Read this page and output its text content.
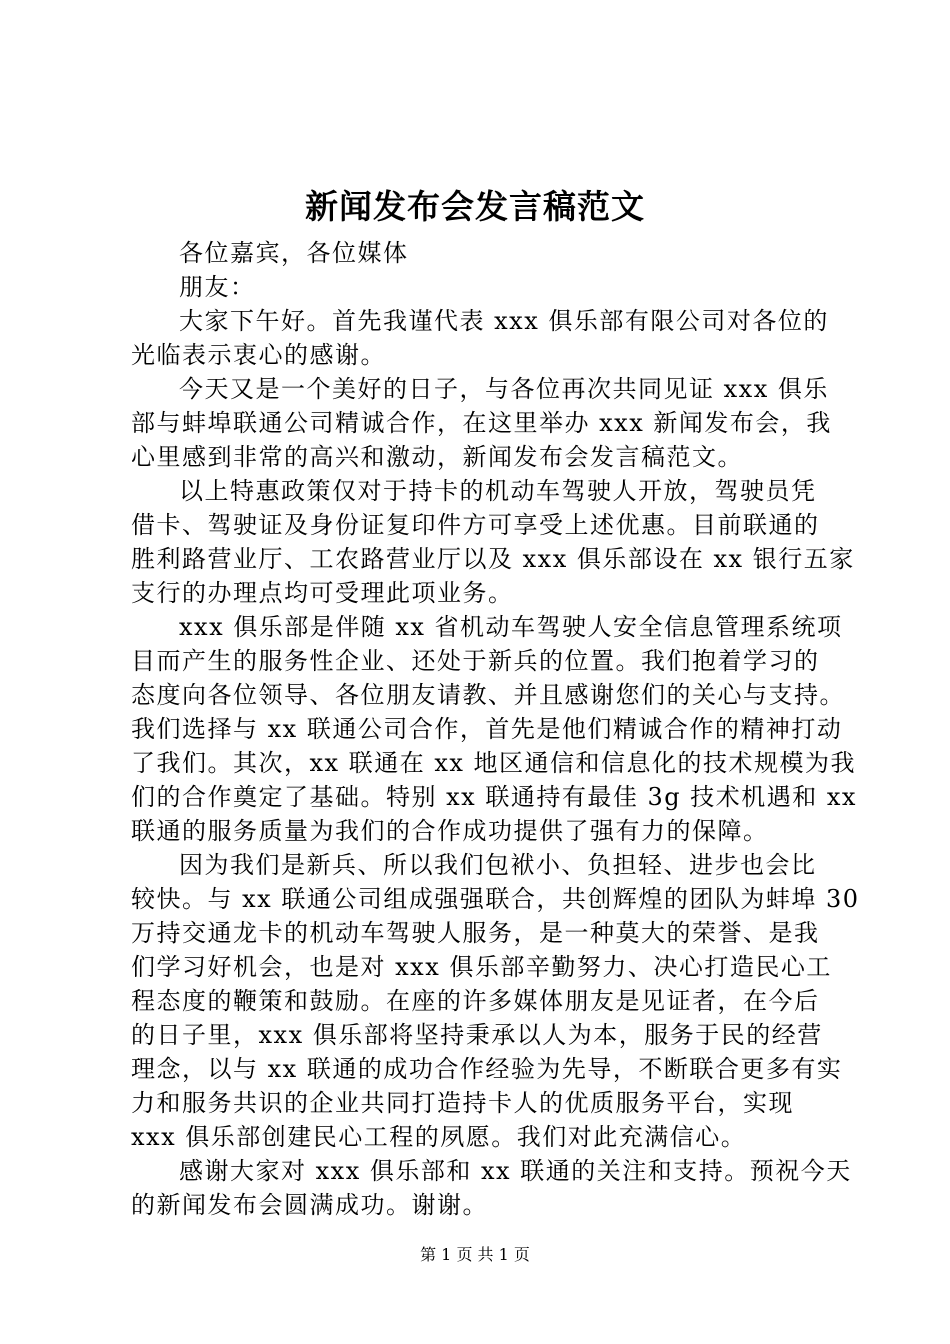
新闻发布会发言稿范文
各位嘉宾，各位媒体
朋友：
大家下午好。首先我谨代表 xxx 俱乐部有限公司对各位的
光临表示衷心的感谢。
今天又是一个美好的日子，与各位再次共同见证 xxx 俱乐
部与蚌埠联通公司精诚合作，在这里举办 xxx 新闻发布会，我
心里感到非常的高兴和激动，新闻发布会发言稿范文。
以上特惠政策仅对于持卡的机动车驾驶人开放，驾驶员凭
借卡、驾驶证及身份证复印件方可享受上述优惠。目前联通的
胜利路营业厅、工农路营业厅以及 xxx 俱乐部设在 xx 银行五家
支行的办理点均可受理此项业务。
xxx 俱乐部是伴随 xx 省机动车驾驶人安全信息管理系统项
目而产生的服务性企业、还处于新兵的位置。我们抱着学习的
态度向各位领导、各位朋友请教、并且感谢您们的关心与支持。
我们选择与 xx 联通公司合作，首先是他们精诚合作的精神打动
了我们。其次，xx 联通在 xx 地区通信和信息化的技术规模为我
们的合作奠定了基础。特别 xx 联通持有最佳 3g 技术机遇和 xx
联通的服务质量为我们的合作成功提供了强有力的保障。
因为我们是新兵、所以我们包袱小、负担轻、进步也会比
较快。与 xx 联通公司组成强强联合，共创辉煌的团队为蚌埠 30
万持交通龙卡的机动车驾驶人服务，是一种莫大的荣誉、是我
们学习好机会，也是对 xxx 俱乐部辛勤努力、决心打造民心工
程态度的鞭策和鼓励。在座的许多媒体朋友是见证者，在今后
的日子里，xxx 俱乐部将坚持秉承以人为本，服务于民的经营
理念，以与 xx 联通的成功合作经验为先导，不断联合更多有实
力和服务共识的企业共同打造持卡人的优质服务平台，实现
xxx 俱乐部创建民心工程的夙愿。我们对此充满信心。
感谢大家对 xxx 俱乐部和 xx 联通的关注和支持。预祝今天
的新闻发布会圆满成功。谢谢。
第 1 页 共 1 页
